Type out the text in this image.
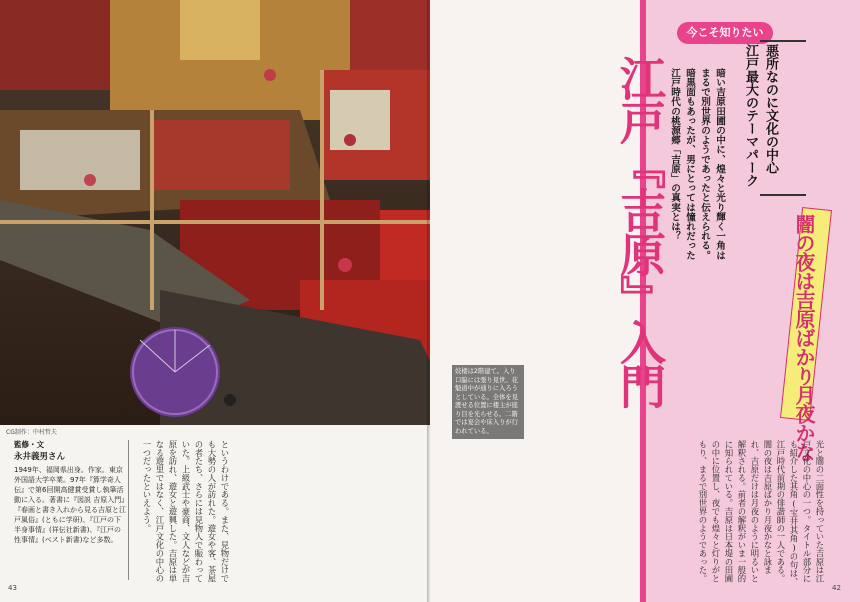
CG制作：中村哲夫
監修・文
永井義男さん
1949年、福岡県出身。作家。東京外国語大学卒業。97年『算学奇人伝』で第6回開高健賞受賞し執筆活動に入る。著書に『図説 吉原入門』『春画と書き入れから見る吉原と江戸風俗』(ともに学研)、『江戸の下半身事情』(祥伝社新書)、『江戸の性事情』(ベスト新書)など多数。	というわけである。また、見物だけでも大勢の人が訪れた。遊女や客、茶屋の者たち、さらには見物人で賑わっていた。上級武士や豪商、文人などが吉原を訪れ、遊女と遊興した。吉原は単なる遊里ではなく、江戸文化の中心の一つだったといえよう。
43
今こそ知りたい
悪所なのに文化の中心
江戸最大のテーマパーク
暗い吉原田圃の中に、煌々と光り輝く一角は
まるで別世界のようであったと伝えられる。
暗黒面もあったが、男にとっては憧れだった
江戸時代の桃源郷「吉原」の真実とは？
江戸『吉原』入門	闇の夜は吉原ばかり月夜かな
妓楼は2階建て。入り口脇には張り見世。花魁道中が通りに入ろうとしている。全体を見渡せる位置に楼主が座り目を光らせる。二階では宴会や床入りが行われている。
光と闇の二面性を持っていた吉原は江戸文化の中心の一つ。タイトル部分にも紹介した其角(宝井其角)の句は、江戸時代前期の俳諧師の一人である。闇の夜は吉原ばかり月夜かなと詠まれ、吉原だけは月夜のように明るいと解釈される。前者の解釈がいま一般的に知られている。吉原は日本堤の田圃の中に位置し、夜でも煌々と灯りがともり、まるで別世界のようであった。
42
